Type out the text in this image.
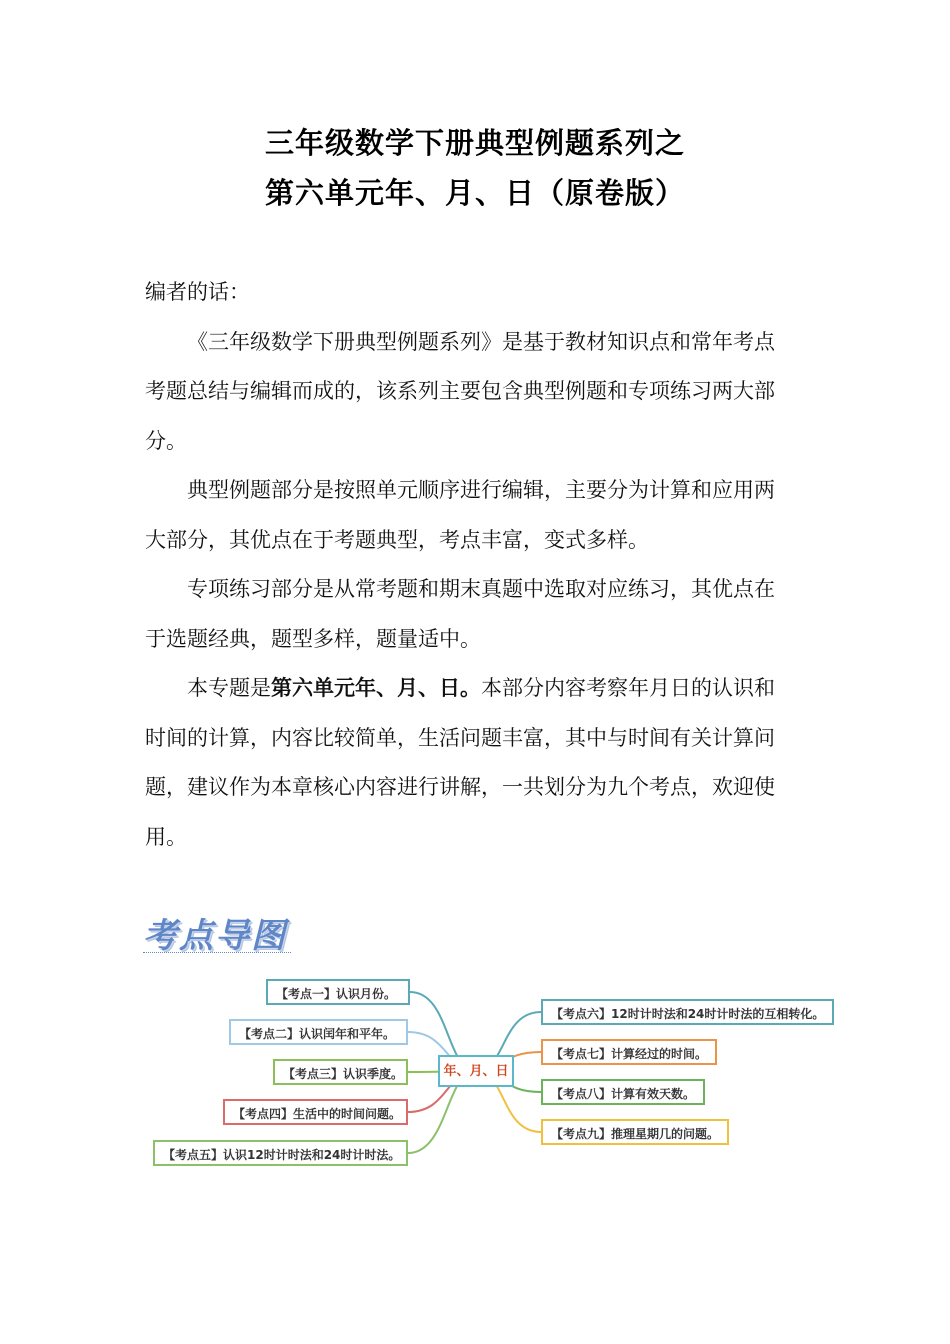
三年级数学下册典型例题系列之
第六单元年、月、日（原卷版）

编者的话：

《三年级数学下册典型例题系列》是基于教材知识点和常年考点考题总结与编辑而成的，该系列主要包含典型例题和专项练习两大部分。

典型例题部分是按照单元顺序进行编辑，主要分为计算和应用两大部分，其优点在于考题典型，考点丰富，变式多样。

专项练习部分是从常考题和期末真题中选取对应练习，其优点在于选题经典，题型多样，题量适中。

本专题是第六单元年、月、日。本部分内容考察年月日的认识和时间的计算，内容比较简单，生活问题丰富，其中与时间有关计算问题，建议作为本章核心内容进行讲解，一共划分为九个考点，欢迎使用。

考点导图
年、月、日
【考点一】认识月份。
【考点二】认识闰年和平年。
【考点三】认识季度。
【考点四】生活中的时间问题。
【考点五】认识12时计时法和24时计时法。
【考点六】12时计时法和24时计时法的互相转化。
【考点七】计算经过的时间。
【考点八】计算有效天数。
【考点九】推理星期几的问题。
